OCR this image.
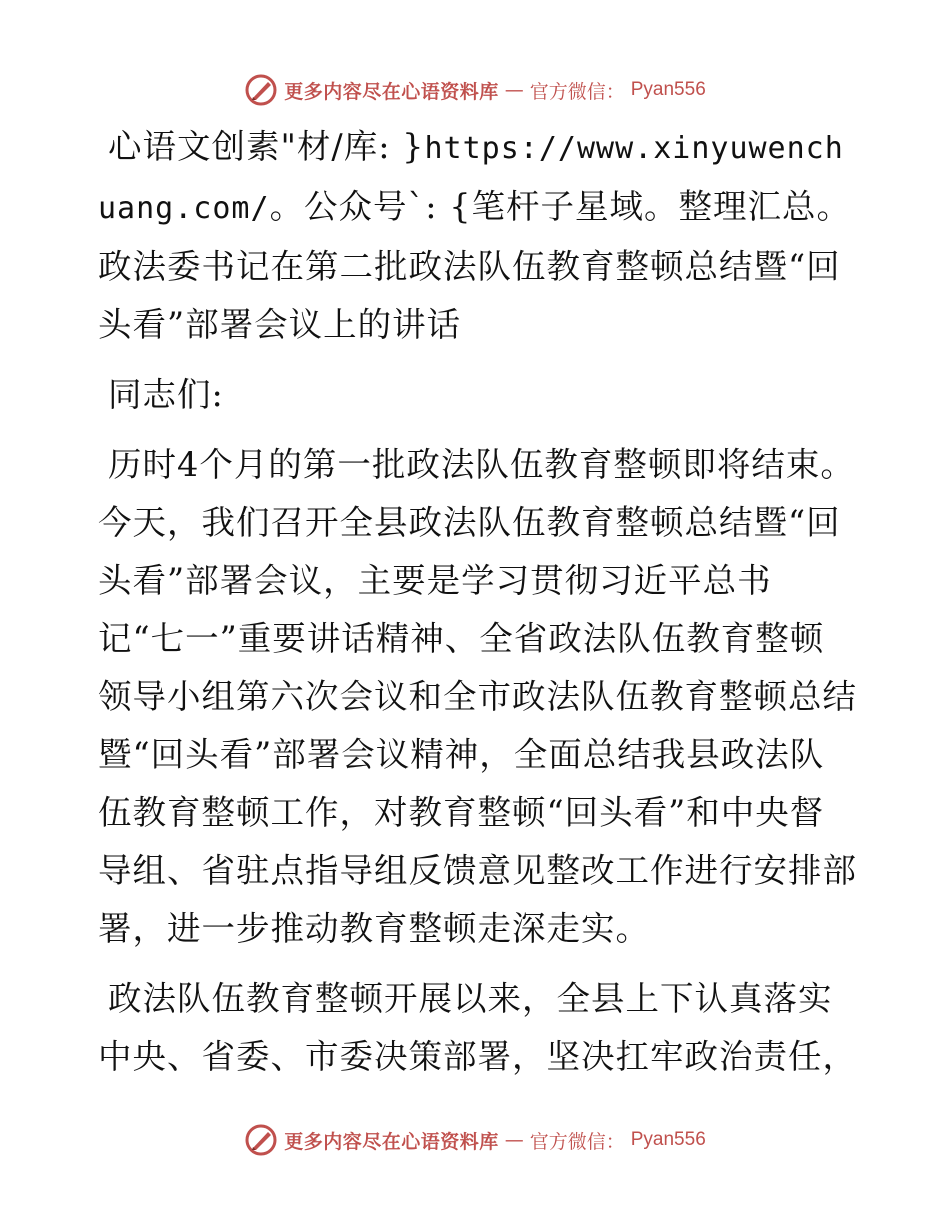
更多内容尽在心语资料库 — 官方微信： Pyan556

心语文创素"材/库: }https://www.xinyuwenchuang.com/。公众号`: {笔杆子星域。整理汇总。政法委书记在第二批政法队伍教育整顿总结暨“回头看”部署会议上的讲话

同志们:

历时4个月的第一批政法队伍教育整顿即将结束。今天，我们召开全县政法队伍教育整顿总结暨“回头看”部署会议，主要是学习贯彻习近平总书记“七一”重要讲话精神、全省政法队伍教育整顿领导小组第六次会议和全市政法队伍教育整顿总结暨“回头看”部署会议精神，全面总结我县政法队伍教育整顿工作，对教育整顿“回头看”和中央督导组、省驻点指导组反馈意见整改工作进行安排部署，进一步推动教育整顿走深走实。

政法队伍教育整顿开展以来，全县上下认真落实中央、省委、市委决策部署，坚决扛牢政治责任，

更多内容尽在心语资料库 — 官方微信： Pyan556
